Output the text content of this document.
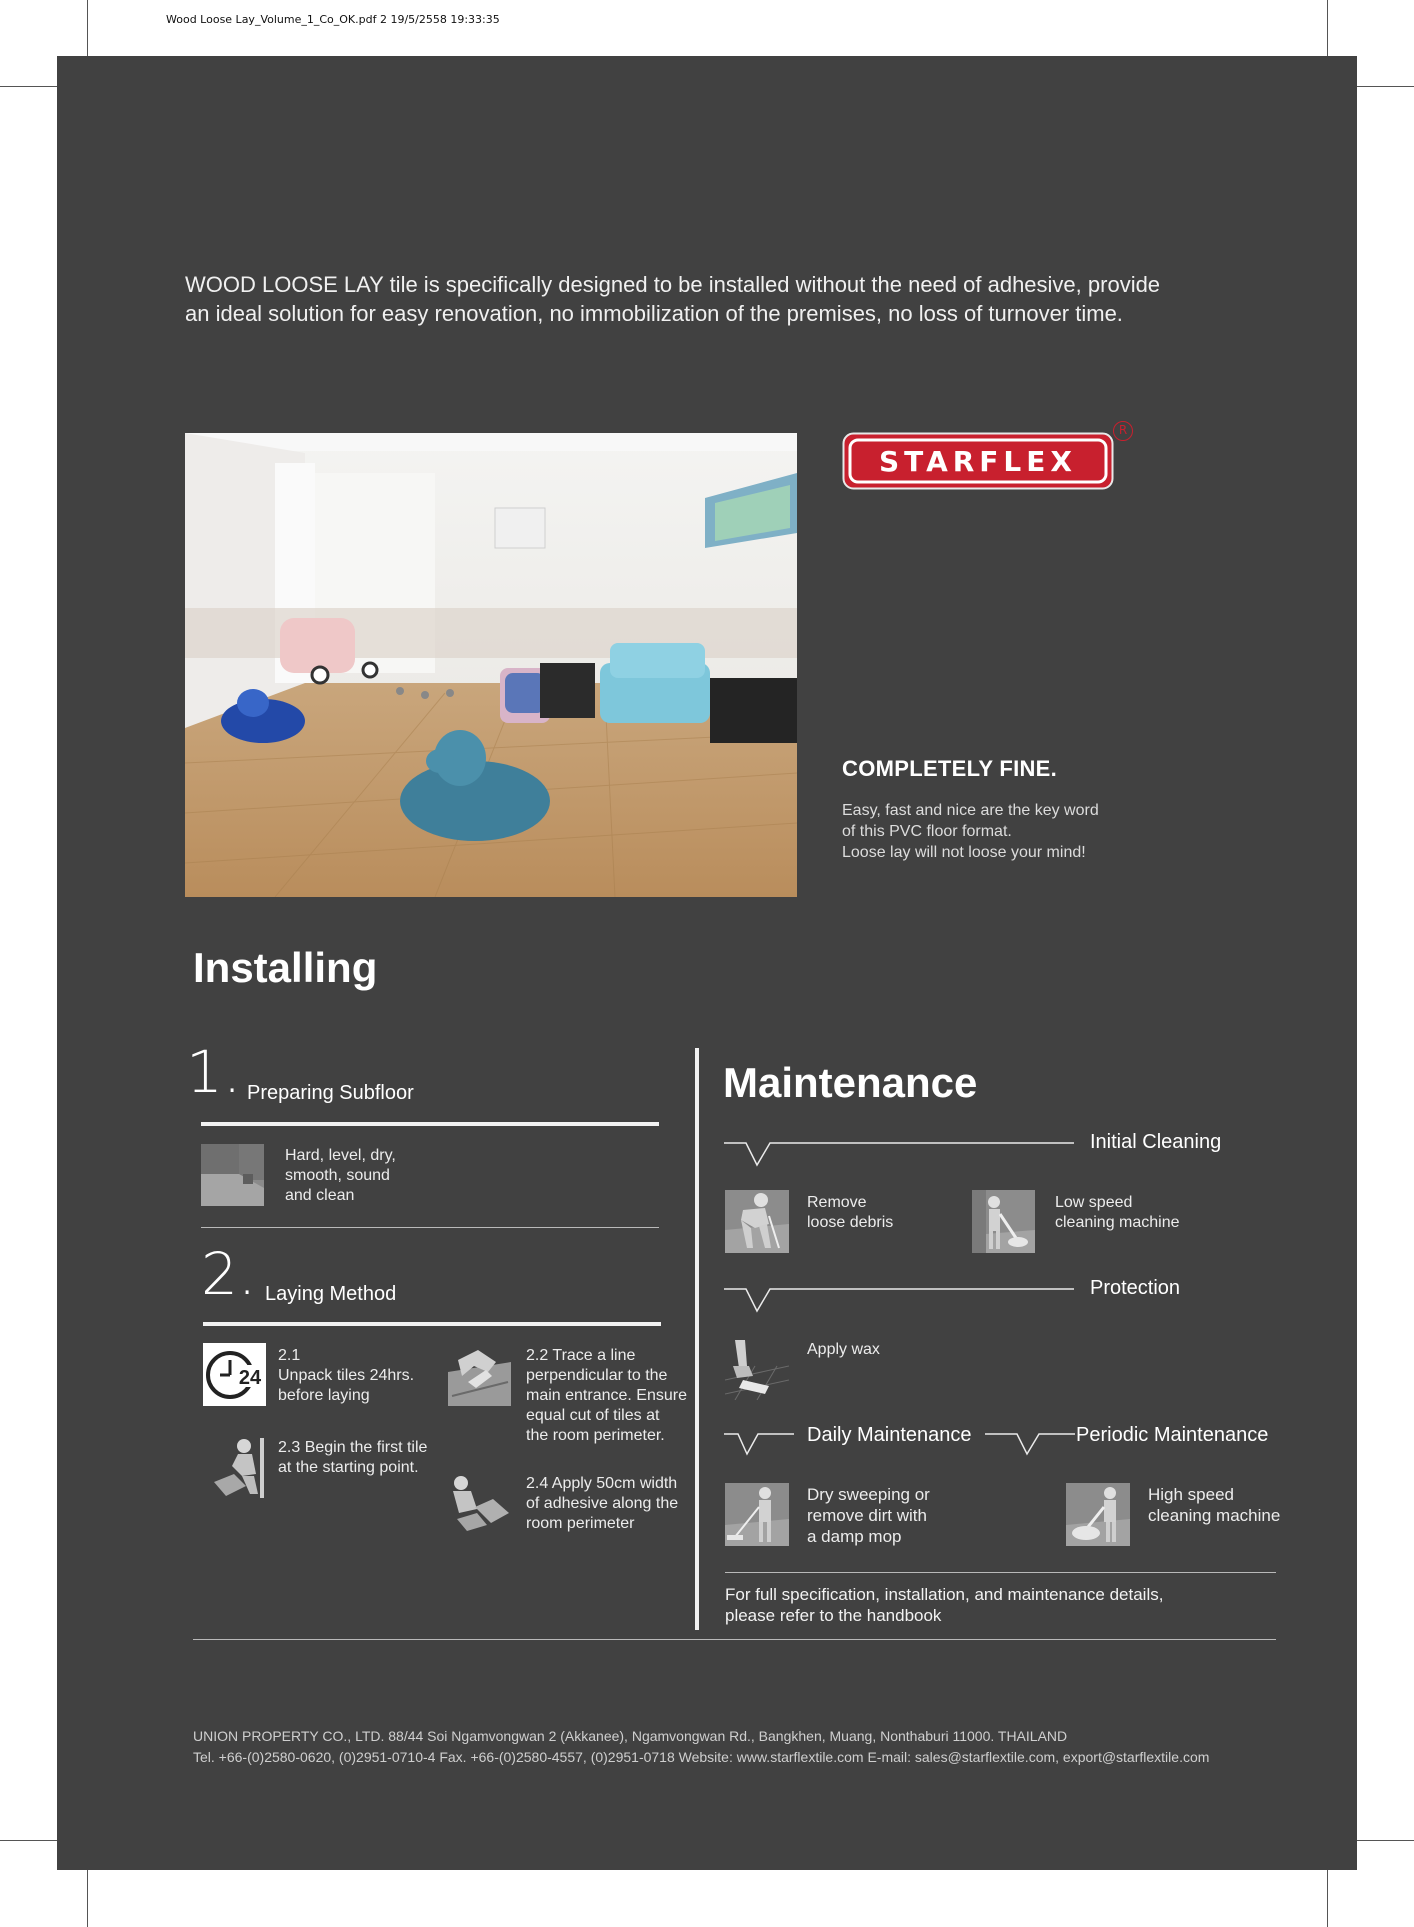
Wood Loose Lay_Volume_1_Co_OK.pdf 2 19/5/2558 19:33:35
WOOD LOOSE LAY tile is specifically designed to be installed without the need of adhesive, provide
an ideal solution for easy renovation, no immobilization of the premises, no loss of turnover time.
STARFLEX
R
COMPLETELY FINE.
Easy, fast and nice are the key word
of this PVC floor format.
Loose lay will not loose your mind!
Installing
1. Preparing Subfloor
Hard, level, dry,
smooth, sound
and clean
2. Laying Method
24
2.1
Unpack tiles 24hrs.
before laying
2.2 Trace a line
perpendicular to the
main entrance. Ensure
equal cut of tiles at
the room perimeter.
2.3 Begin the first tile
at the starting point.
2.4 Apply 50cm width
of adhesive along the
room perimeter
Maintenance
Initial Cleaning
Remove
loose debris
Low speed
cleaning machine
Protection
Apply wax
Daily Maintenance	Periodic Maintenance
Dry sweeping or
remove dirt with
a damp mop
High speed
cleaning machine
For full specification, installation, and maintenance details,
please refer to the handbook
UNION PROPERTY CO., LTD. 88/44 Soi Ngamvongwan 2 (Akkanee), Ngamvongwan Rd., Bangkhen, Muang, Nonthaburi 11000. THAILAND
Tel. +66-(0)2580-0620, (0)2951-0710-4 Fax. +66-(0)2580-4557, (0)2951-0718 Website: www.starflextile.com E-mail: sales@starflextile.com, export@starflextile.com
